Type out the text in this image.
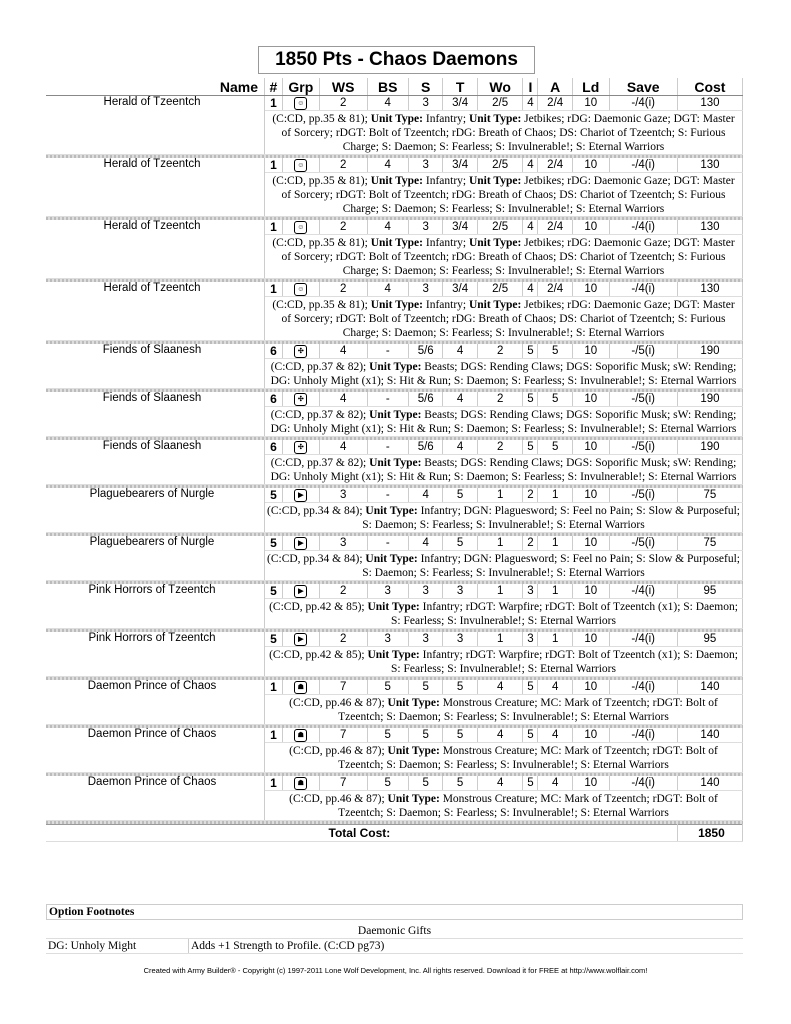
1850 Pts - Chaos Daemons
Name	#	Grp	WS	BS	S	T	Wo	I	A	Ld	Save	Cost
Herald of Tzeentch	1	☺	2	4	3	3/4	2/5	4	2/4	10	-/4(i)	130
	(C:CD, pp.35 & 81); Unit Type: Infantry; Unit Type: Jetbikes; rDG: Daemonic Gaze; DGT: Master of Sorcery; rDGT: Bolt of Tzeentch; rDG: Breath of Chaos; DS: Chariot of Tzeentch; S: Furious Charge; S: Daemon; S: Fearless; S: Invulnerable!; S: Eternal Warriors											

Herald of Tzeentch	1	☺	2	4	3	3/4	2/5	4	2/4	10	-/4(i)	130
	(C:CD, pp.35 & 81); Unit Type: Infantry; Unit Type: Jetbikes; rDG: Daemonic Gaze; DGT: Master of Sorcery; rDGT: Bolt of Tzeentch; rDG: Breath of Chaos; DS: Chariot of Tzeentch; S: Furious Charge; S: Daemon; S: Fearless; S: Invulnerable!; S: Eternal Warriors											

Herald of Tzeentch	1	☺	2	4	3	3/4	2/5	4	2/4	10	-/4(i)	130
	(C:CD, pp.35 & 81); Unit Type: Infantry; Unit Type: Jetbikes; rDG: Daemonic Gaze; DGT: Master of Sorcery; rDGT: Bolt of Tzeentch; rDG: Breath of Chaos; DS: Chariot of Tzeentch; S: Furious Charge; S: Daemon; S: Fearless; S: Invulnerable!; S: Eternal Warriors											

Herald of Tzeentch	1	☺	2	4	3	3/4	2/5	4	2/4	10	-/4(i)	130
	(C:CD, pp.35 & 81); Unit Type: Infantry; Unit Type: Jetbikes; rDG: Daemonic Gaze; DGT: Master of Sorcery; rDGT: Bolt of Tzeentch; rDG: Breath of Chaos; DS: Chariot of Tzeentch; S: Furious Charge; S: Daemon; S: Fearless; S: Invulnerable!; S: Eternal Warriors											

Fiends of Slaanesh	6	✣	4	-	5/6	4	2	5	5	10	-/5(i)	190
	(C:CD, pp.37 & 82); Unit Type: Beasts; DGS: Rending Claws; DGS: Soporific Musk; sW: Rending; DG: Unholy Might (x1); S: Hit & Run; S: Daemon; S: Fearless; S: Invulnerable!; S: Eternal Warriors											

Fiends of Slaanesh	6	✣	4	-	5/6	4	2	5	5	10	-/5(i)	190
	(C:CD, pp.37 & 82); Unit Type: Beasts; DGS: Rending Claws; DGS: Soporific Musk; sW: Rending; DG: Unholy Might (x1); S: Hit & Run; S: Daemon; S: Fearless; S: Invulnerable!; S: Eternal Warriors											

Fiends of Slaanesh	6	✣	4	-	5/6	4	2	5	5	10	-/5(i)	190
	(C:CD, pp.37 & 82); Unit Type: Beasts; DGS: Rending Claws; DGS: Soporific Musk; sW: Rending; DG: Unholy Might (x1); S: Hit & Run; S: Daemon; S: Fearless; S: Invulnerable!; S: Eternal Warriors											

Plaguebearers of Nurgle	5	▶	3	-	4	5	1	2	1	10	-/5(i)	75
	(C:CD, pp.34 & 84); Unit Type: Infantry; DGN: Plaguesword; S: Feel no Pain; S: Slow & Purposeful; S: Daemon; S: Fearless; S: Invulnerable!; S: Eternal Warriors											

Plaguebearers of Nurgle	5	▶	3	-	4	5	1	2	1	10	-/5(i)	75
	(C:CD, pp.34 & 84); Unit Type: Infantry; DGN: Plaguesword; S: Feel no Pain; S: Slow & Purposeful; S: Daemon; S: Fearless; S: Invulnerable!; S: Eternal Warriors											

Pink Horrors of Tzeentch	5	▶	2	3	3	3	1	3	1	10	-/4(i)	95
	(C:CD, pp.42 & 85); Unit Type: Infantry; rDGT: Warpfire; rDGT: Bolt of Tzeentch (x1); S: Daemon; S: Fearless; S: Invulnerable!; S: Eternal Warriors											

Pink Horrors of Tzeentch	5	▶	2	3	3	3	1	3	1	10	-/4(i)	95
	(C:CD, pp.42 & 85); Unit Type: Infantry; rDGT: Warpfire; rDGT: Bolt of Tzeentch (x1); S: Daemon; S: Fearless; S: Invulnerable!; S: Eternal Warriors											

Daemon Prince of Chaos	1	☗	7	5	5	5	4	5	4	10	-/4(i)	140
	(C:CD, pp.46 & 87); Unit Type: Monstrous Creature; MC: Mark of Tzeentch; rDGT: Bolt of Tzeentch; S: Daemon; S: Fearless; S: Invulnerable!; S: Eternal Warriors											

Daemon Prince of Chaos	1	☗	7	5	5	5	4	5	4	10	-/4(i)	140
	(C:CD, pp.46 & 87); Unit Type: Monstrous Creature; MC: Mark of Tzeentch; rDGT: Bolt of Tzeentch; S: Daemon; S: Fearless; S: Invulnerable!; S: Eternal Warriors											

Daemon Prince of Chaos	1	☗	7	5	5	5	4	5	4	10	-/4(i)	140
	(C:CD, pp.46 & 87); Unit Type: Monstrous Creature; MC: Mark of Tzeentch; rDGT: Bolt of Tzeentch; S: Daemon; S: Fearless; S: Invulnerable!; S: Eternal Warriors											

Total Cost:												1850
Option Footnotes
Daemonic Gifts
DG: Unholy Might	Adds +1 Strength to Profile. (C:CD pg73)
Created with Army Builder® - Copyright (c) 1997-2011 Lone Wolf Development, Inc. All rights reserved. Download it for FREE at http://www.wolflair.com!
